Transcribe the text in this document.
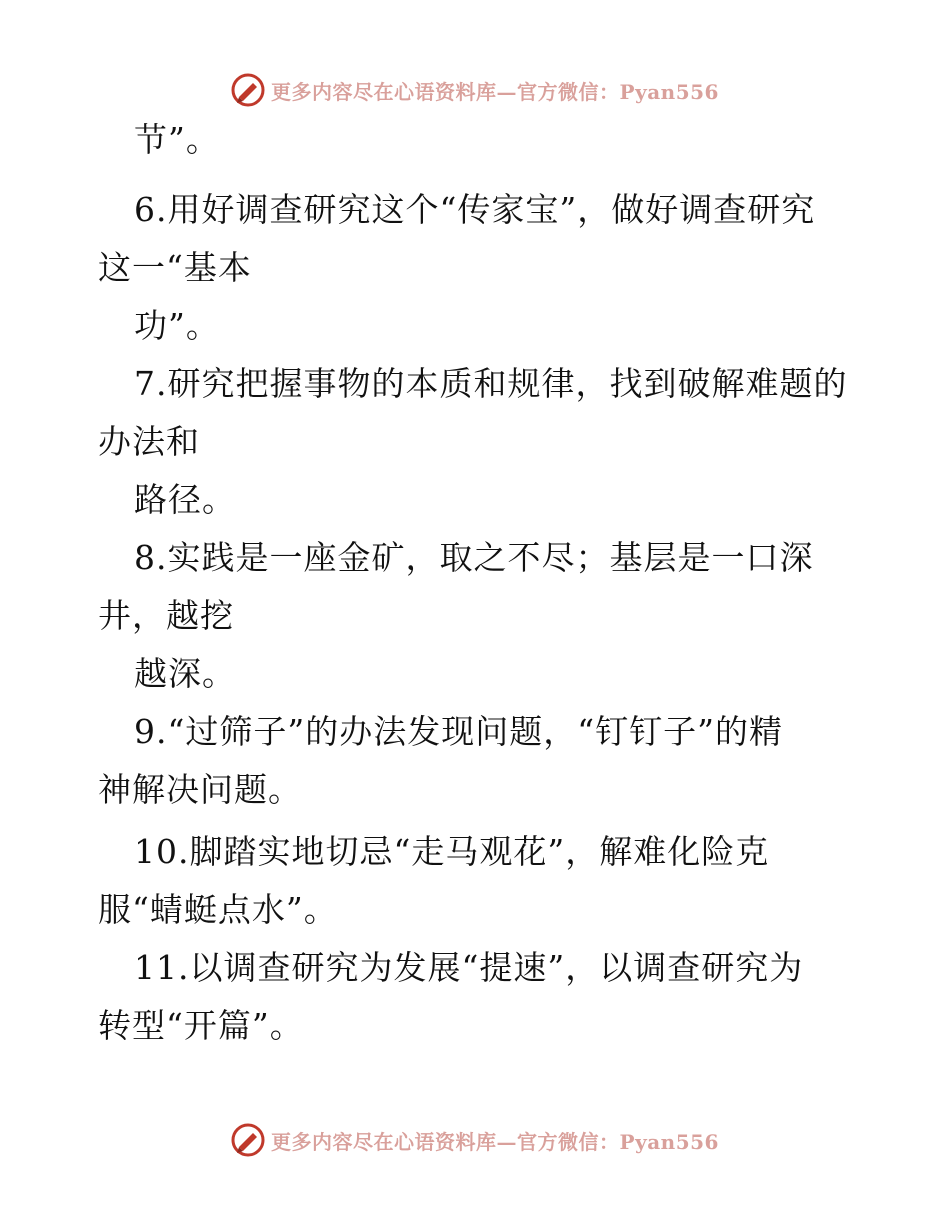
更多内容尽在心语资料库—官方微信：Pyan556
节”。
6.用好调查研究这个“传家宝”，做好调查研究
这一“基本
功”。
7.研究把握事物的本质和规律，找到破解难题的
办法和
路径。
8.实践是一座金矿，取之不尽；基层是一口深
井，越挖
越深。
9.“过筛子”的办法发现问题，“钉钉子”的精
神解决问题。
10.脚踏实地切忌“走马观花”，解难化险克
服“蜻蜓点水”。
11.以调查研究为发展“提速”，以调查研究为
转型“开篇”。
更多内容尽在心语资料库—官方微信：Pyan556
